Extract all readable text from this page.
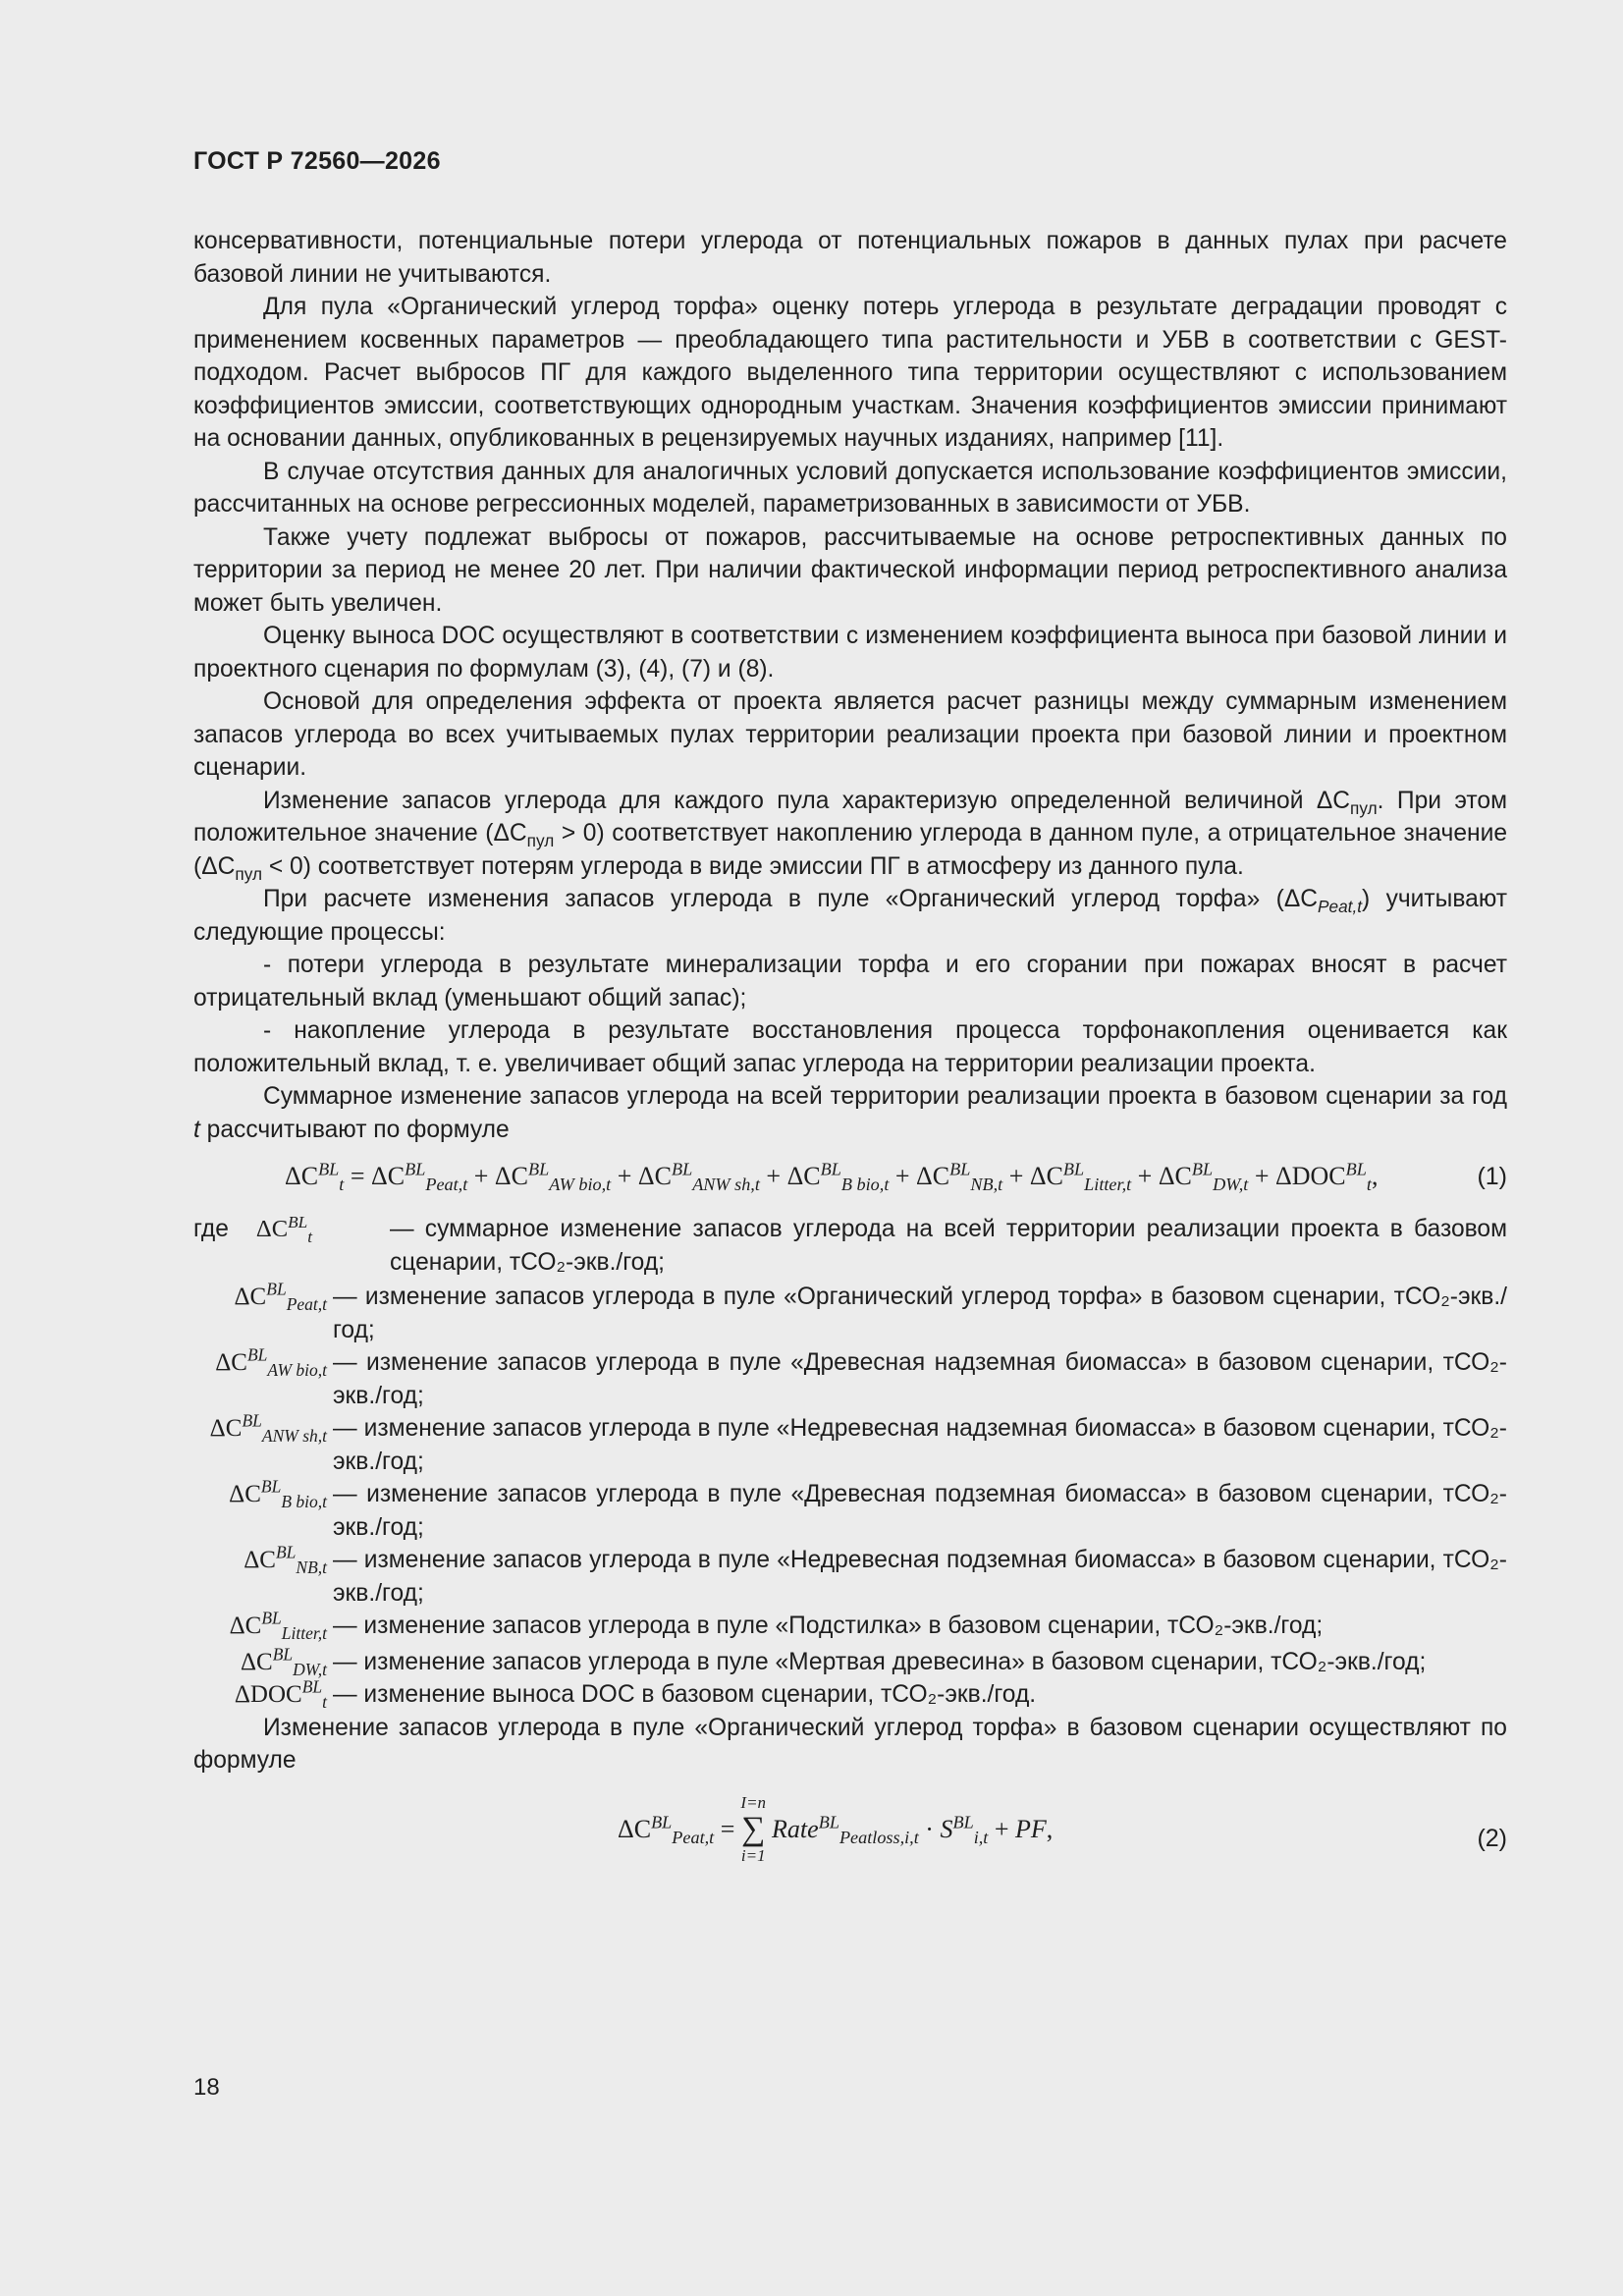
ГОСТ Р 72560—2026

консервативности, потенциальные потери углерода от потенциальных пожаров в данных пулах при расчете базовой линии не учитываются.

Для пула «Органический углерод торфа» оценку потерь углерода в результате деградации проводят с применением косвенных параметров — преобладающего типа растительности и УБВ в соответствии с GEST-подходом. Расчет выбросов ПГ для каждого выделенного типа территории осуществляют с использованием коэффициентов эмиссии, соответствующих однородным участкам. Значения коэффициентов эмиссии принимают на основании данных, опубликованных в рецензируемых научных изданиях, например [11].

В случае отсутствия данных для аналогичных условий допускается использование коэффициентов эмиссии, рассчитанных на основе регрессионных моделей, параметризованных в зависимости от УБВ.

Также учету подлежат выбросы от пожаров, рассчитываемые на основе ретроспективных данных по территории за период не менее 20 лет. При наличии фактической информации период ретроспективного анализа может быть увеличен.

Оценку выноса DOC осуществляют в соответствии с изменением коэффициента выноса при базовой линии и проектного сценария по формулам (3), (4), (7) и (8).

Основой для определения эффекта от проекта является расчет разницы между суммарным изменением запасов углерода во всех учитываемых пулах территории реализации проекта при базовой линии и проектном сценарии.

Изменение запасов углерода для каждого пула характеризую определенной величиной $\Delta С_{пул}$. При этом положительное значение $(\Delta С_{пул} > 0)$ соответствует накоплению углерода в данном пуле, а отрицательное значение $(\Delta С_{пул} < 0)$ соответствует потерям углерода в виде эмиссии ПГ в атмосферу из данного пула.

При расчете изменения запасов углерода в пуле «Органический углерод торфа» $(\Delta С_{Peat,t})$ учитывают следующие процессы:

- потери углерода в результате минерализации торфа и его сгорании при пожарах вносят в расчет отрицательный вклад (уменьшают общий запас);

- накопление углерода в результате восстановления процесса торфонакопления оценивается как положительный вклад, т. е. увеличивает общий запас углерода на территории реализации проекта.

Суммарное изменение запасов углерода на всей территории реализации проекта в базовом сценарии за год t рассчитывают по формуле

$\Delta C^{BL}_t = \Delta C^{BL}_{Peat,t} + \Delta C^{BL}_{AW bio,t} + \Delta C^{BL}_{ANW sh,t} + \Delta C^{BL}_{B bio,t} + \Delta C^{BL}_{NB,t} + \Delta C^{BL}_{Litter,t} + \Delta C^{BL}_{DW,t} + \Delta DOC^{BL}_t$,	(1)
где $\Delta C^{BL}_t$	— суммарное изменение запасов углерода на всей территории реализации проекта в базовом сценарии, тСО₂-экв./год;
$\Delta C^{BL}_{Peat,t}$	— изменение запасов углерода в пуле «Органический углерод торфа» в базовом сценарии, тСО₂-экв./год;
$\Delta C^{BL}_{AW bio,t}$	— изменение запасов углерода в пуле «Древесная надземная биомасса» в базовом сценарии, тСО₂-экв./год;
$\Delta C^{BL}_{ANW sh,t}$	— изменение запасов углерода в пуле «Недревесная надземная биомасса» в базовом сценарии, тСО₂-экв./год;
$\Delta C^{BL}_{B bio,t}$	— изменение запасов углерода в пуле «Древесная подземная биомасса» в базовом сценарии, тСО₂-экв./год;
$\Delta C^{BL}_{NB,t}$	— изменение запасов углерода в пуле «Недревесная подземная биомасса» в базовом сценарии, тСО₂-экв./год;
$\Delta C^{BL}_{Litter,t}$	— изменение запасов углерода в пуле «Подстилка» в базовом сценарии, тСО₂-экв./год;
$\Delta C^{BL}_{DW,t}$	— изменение запасов углерода в пуле «Мертвая древесина» в базовом сценарии, тСО₂-экв./год;
$\Delta DOC^{BL}_t$	— изменение выноса DOC в базовом сценарии, тСО₂-экв./год.

Изменение запасов углерода в пуле «Органический углерод торфа» в базовом сценарии осуществляют по формуле

$\Delta C^{BL}_{Peat,t}$ =
I=n
∑
i=1
Rate$^{BL}_{Peatloss,i,t}$ · $S^{BL}_{i,t}$ + PF,	(2)
18
